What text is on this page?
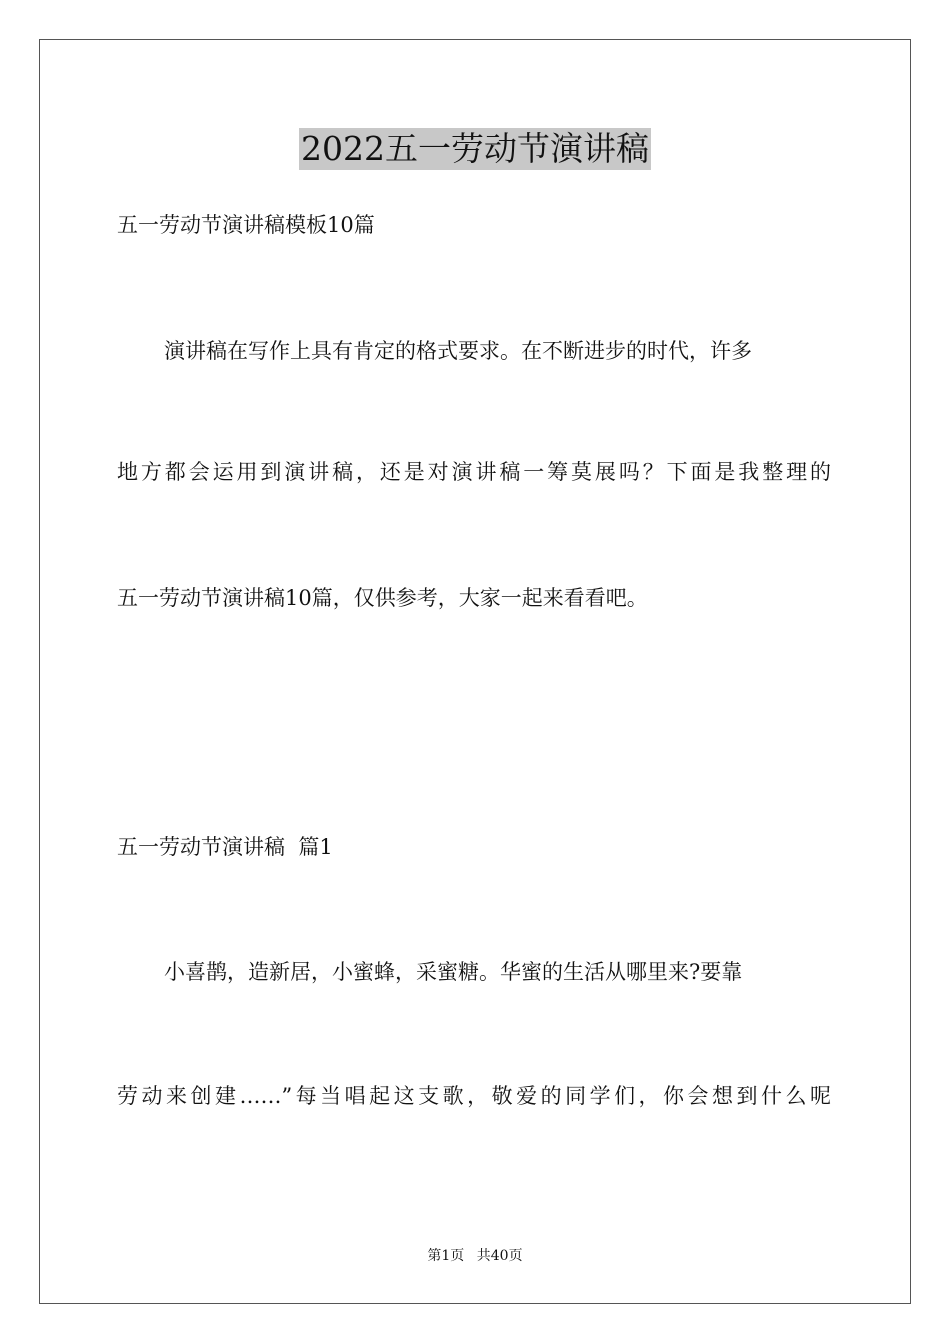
2022五一劳动节演讲稿
五一劳动节演讲稿模板10篇
演讲稿在写作上具有肯定的格式要求。在不断进步的时代，许多
地方都会运用到演讲稿，还是对演讲稿一筹莫展吗？下面是我整理的
五一劳动节演讲稿10篇，仅供参考，大家一起来看看吧。
五一劳动节演讲稿  篇1
小喜鹊，造新居，小蜜蜂，采蜜糖。华蜜的生活从哪里来?要靠
劳动来创建……”每当唱起这支歌，敬爱的同学们，你会想到什么呢
第1页 共40页
